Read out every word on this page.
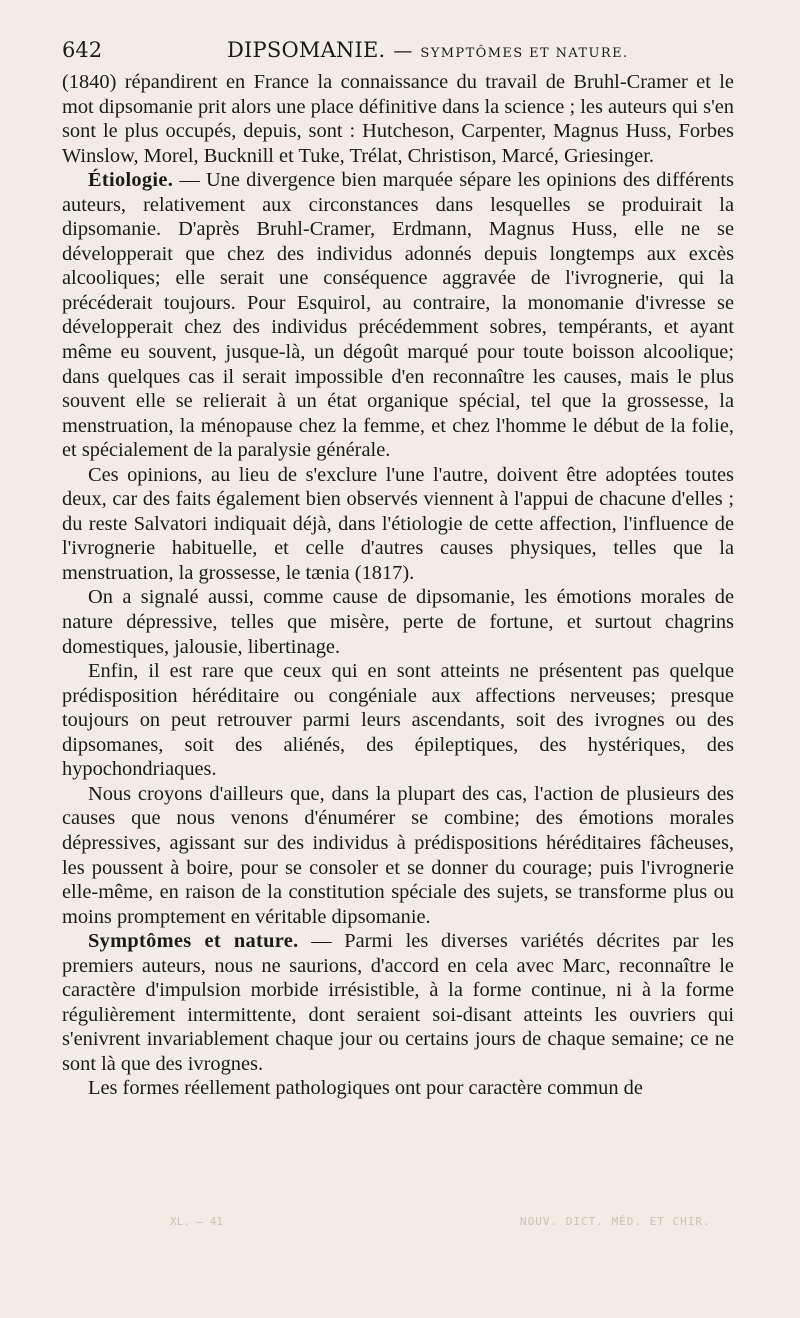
642	DIPSOMANIE. — SYMPTÔMES ET NATURE.

(1840) répandirent en France la connaissance du travail de Bruhl-Cramer et le mot dipsomanie prit alors une place définitive dans la science ; les auteurs qui s'en sont le plus occupés, depuis, sont : Hutcheson, Carpenter, Magnus Huss, Forbes Winslow, Morel, Bucknill et Tuke, Trélat, Christison, Marcé, Griesinger.

Étiologie. — Une divergence bien marquée sépare les opinions des différents auteurs, relativement aux circonstances dans lesquelles se produirait la dipsomanie. D'après Bruhl-Cramer, Erdmann, Magnus Huss, elle ne se développerait que chez des individus adonnés depuis longtemps aux excès alcooliques; elle serait une conséquence aggravée de l'ivrognerie, qui la précéderait toujours. Pour Esquirol, au contraire, la monomanie d'ivresse se développerait chez des individus précédemment sobres, tempérants, et ayant même eu souvent, jusque-là, un dégoût marqué pour toute boisson alcoolique; dans quelques cas il serait impossible d'en reconnaître les causes, mais le plus souvent elle se relierait à un état organique spécial, tel que la grossesse, la menstruation, la ménopause chez la femme, et chez l'homme le début de la folie, et spécialement de la paralysie générale.

Ces opinions, au lieu de s'exclure l'une l'autre, doivent être adoptées toutes deux, car des faits également bien observés viennent à l'appui de chacune d'elles ; du reste Salvatori indiquait déjà, dans l'étiologie de cette affection, l'influence de l'ivrognerie habituelle, et celle d'autres causes physiques, telles que la menstruation, la grossesse, le tænia (1817).

On a signalé aussi, comme cause de dipsomanie, les émotions morales de nature dépressive, telles que misère, perte de fortune, et surtout chagrins domestiques, jalousie, libertinage.

Enfin, il est rare que ceux qui en sont atteints ne présentent pas quelque prédisposition héréditaire ou congéniale aux affections nerveuses; presque toujours on peut retrouver parmi leurs ascendants, soit des ivrognes ou des dipsomanes, soit des aliénés, des épileptiques, des hystériques, des hypochondriaques.

Nous croyons d'ailleurs que, dans la plupart des cas, l'action de plusieurs des causes que nous venons d'énumérer se combine; des émotions morales dépressives, agissant sur des individus à prédispositions héréditaires fâcheuses, les poussent à boire, pour se consoler et se donner du courage; puis l'ivrognerie elle-même, en raison de la constitution spéciale des sujets, se transforme plus ou moins promptement en véritable dipsomanie.

Symptômes et nature. — Parmi les diverses variétés décrites par les premiers auteurs, nous ne saurions, d'accord en cela avec Marc, reconnaître le caractère d'impulsion morbide irrésistible, à la forme continue, ni à la forme régulièrement intermittente, dont seraient soi-disant atteints les ouvriers qui s'enivrent invariablement chaque jour ou certains jours de chaque semaine; ce ne sont là que des ivrognes.

Les formes réellement pathologiques ont pour caractère commun de

XL. — 41	NOUV. DICT. MÉD. ET CHIR.
